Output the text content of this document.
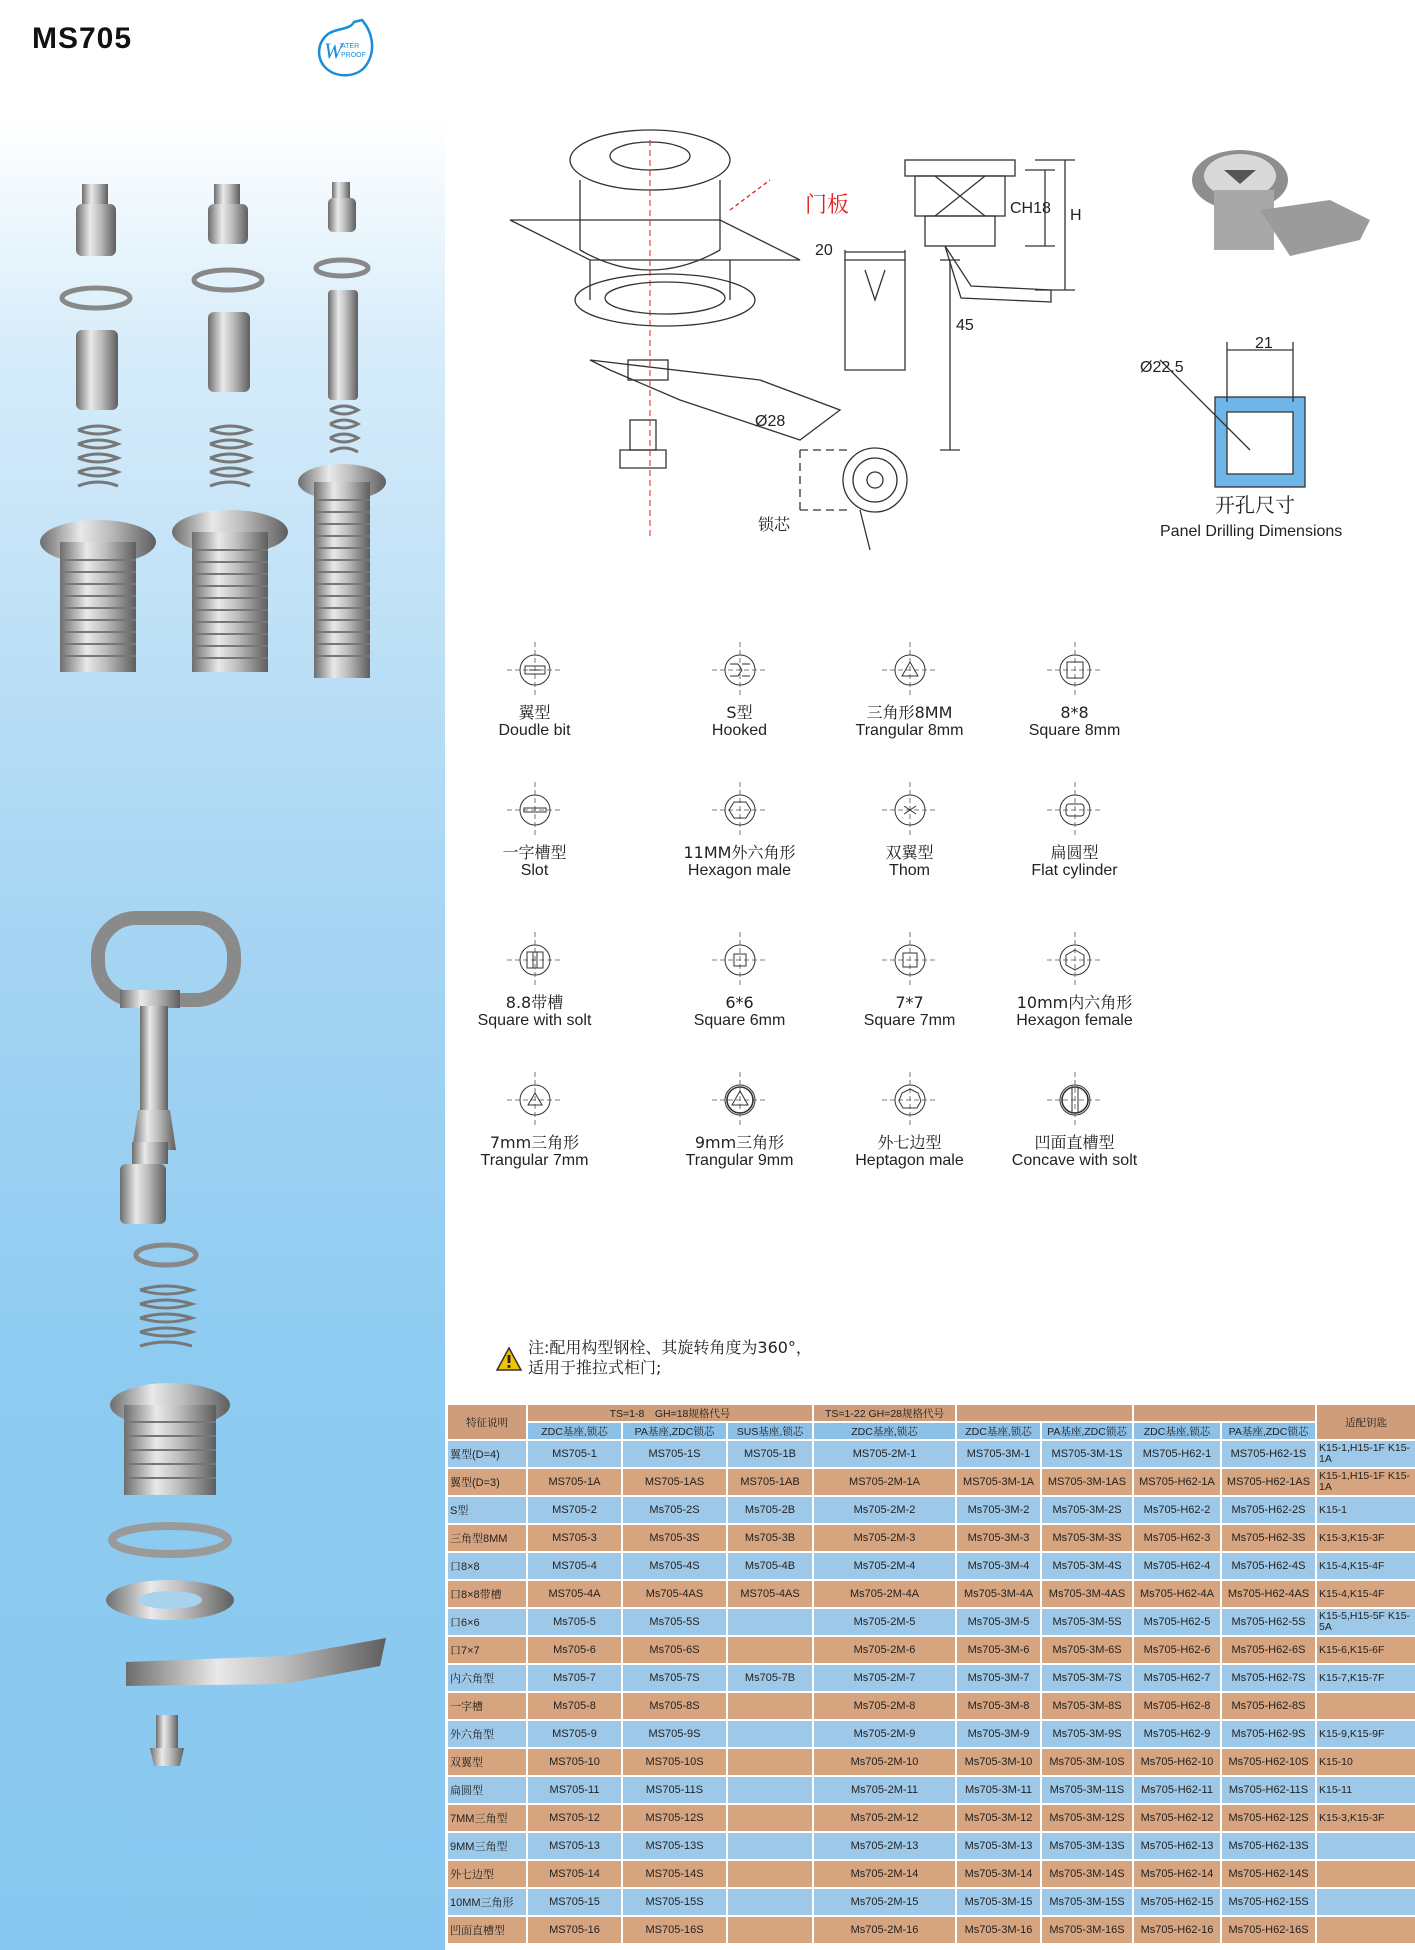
MS705	W
ATER
PROOF
门板	CH18 H
20
45
Ø28
锁芯
21
Ø22.5
开孔尺寸
Panel Drilling Dimensions
翼型
Doudle bit
S型
Hooked
三角形8MM
Trangular 8mm
8*8
Square 8mm
一字槽型
Slot
11MM外六角形
Hexagon male
双翼型
Thom
扁圆型
Flat cylinder
8.8带槽
Square with solt
6*6
Square 6mm
7*7
Square 7mm
10mm内六角形
Hexagon female
7mm三角形
Trangular 7mm
9mm三角形
Trangular 9mm
外七边型
Heptagon male
凹面直槽型
Concave with solt
注:配用构型钢栓、其旋转角度为360°，
适用于推拉式柜门;
特征说明	TS=1-8　GH=18规格代号			TS=1-22 GH=28规格代号					适配钥匙
	ZDC基座,锁芯	PA基座,ZDC锁芯	SUS基座,锁芯	ZDC基座,锁芯	ZDC基座,锁芯	PA基座,ZDC锁芯	ZDC基座,锁芯	PA基座,ZDC锁芯	
翼型(D=4)	MS705-1	MS705-1S	MS705-1B	MS705-2M-1	MS705-3M-1	MS705-3M-1S	MS705-H62-1	MS705-H62-1S	K15-1,H15-1F K15-1A
翼型(D=3)	MS705-1A	MS705-1AS	MS705-1AB	MS705-2M-1A	MS705-3M-1A	MS705-3M-1AS	MS705-H62-1A	MS705-H62-1AS	K15-1,H15-1F K15-1A
S型	MS705-2	Ms705-2S	Ms705-2B	Ms705-2M-2	Ms705-3M-2	Ms705-3M-2S	Ms705-H62-2	Ms705-H62-2S	K15-1
三角型8MM	MS705-3	Ms705-3S	Ms705-3B	Ms705-2M-3	Ms705-3M-3	Ms705-3M-3S	Ms705-H62-3	Ms705-H62-3S	K15-3,K15-3F
口8×8	MS705-4	Ms705-4S	Ms705-4B	Ms705-2M-4	Ms705-3M-4	Ms705-3M-4S	Ms705-H62-4	Ms705-H62-4S	K15-4,K15-4F
口8×8带槽	MS705-4A	Ms705-4AS	MS705-4AS	Ms705-2M-4A	Ms705-3M-4A	Ms705-3M-4AS	Ms705-H62-4A	Ms705-H62-4AS	K15-4,K15-4F
口6×6	Ms705-5	Ms705-5S		Ms705-2M-5	Ms705-3M-5	Ms705-3M-5S	Ms705-H62-5	Ms705-H62-5S	K15-5,H15-5F K15-5A
口7×7	Ms705-6	Ms705-6S		Ms705-2M-6	Ms705-3M-6	Ms705-3M-6S	Ms705-H62-6	Ms705-H62-6S	K15-6,K15-6F
内六角型	Ms705-7	Ms705-7S	Ms705-7B	Ms705-2M-7	Ms705-3M-7	Ms705-3M-7S	Ms705-H62-7	Ms705-H62-7S	K15-7,K15-7F
一字槽	Ms705-8	Ms705-8S		Ms705-2M-8	Ms705-3M-8	Ms705-3M-8S	Ms705-H62-8	Ms705-H62-8S	
外六角型	MS705-9	MS705-9S		Ms705-2M-9	Ms705-3M-9	Ms705-3M-9S	Ms705-H62-9	Ms705-H62-9S	K15-9,K15-9F
双翼型	MS705-10	MS705-10S		Ms705-2M-10	Ms705-3M-10	Ms705-3M-10S	Ms705-H62-10	Ms705-H62-10S	K15-10
扁圆型	MS705-11	MS705-11S		Ms705-2M-11	Ms705-3M-11	Ms705-3M-11S	Ms705-H62-11	Ms705-H62-11S	K15-11
7MM三角型	MS705-12	MS705-12S		Ms705-2M-12	Ms705-3M-12	Ms705-3M-12S	Ms705-H62-12	Ms705-H62-12S	K15-3,K15-3F
9MM三角型	MS705-13	MS705-13S		Ms705-2M-13	Ms705-3M-13	Ms705-3M-13S	Ms705-H62-13	Ms705-H62-13S	
外七边型	MS705-14	MS705-14S		Ms705-2M-14	Ms705-3M-14	Ms705-3M-14S	Ms705-H62-14	Ms705-H62-14S	
10MM三角形	MS705-15	MS705-15S		Ms705-2M-15	Ms705-3M-15	Ms705-3M-15S	Ms705-H62-15	Ms705-H62-15S	
凹面直槽型	MS705-16	MS705-16S		Ms705-2M-16	Ms705-3M-16	Ms705-3M-16S	Ms705-H62-16	Ms705-H62-16S	
